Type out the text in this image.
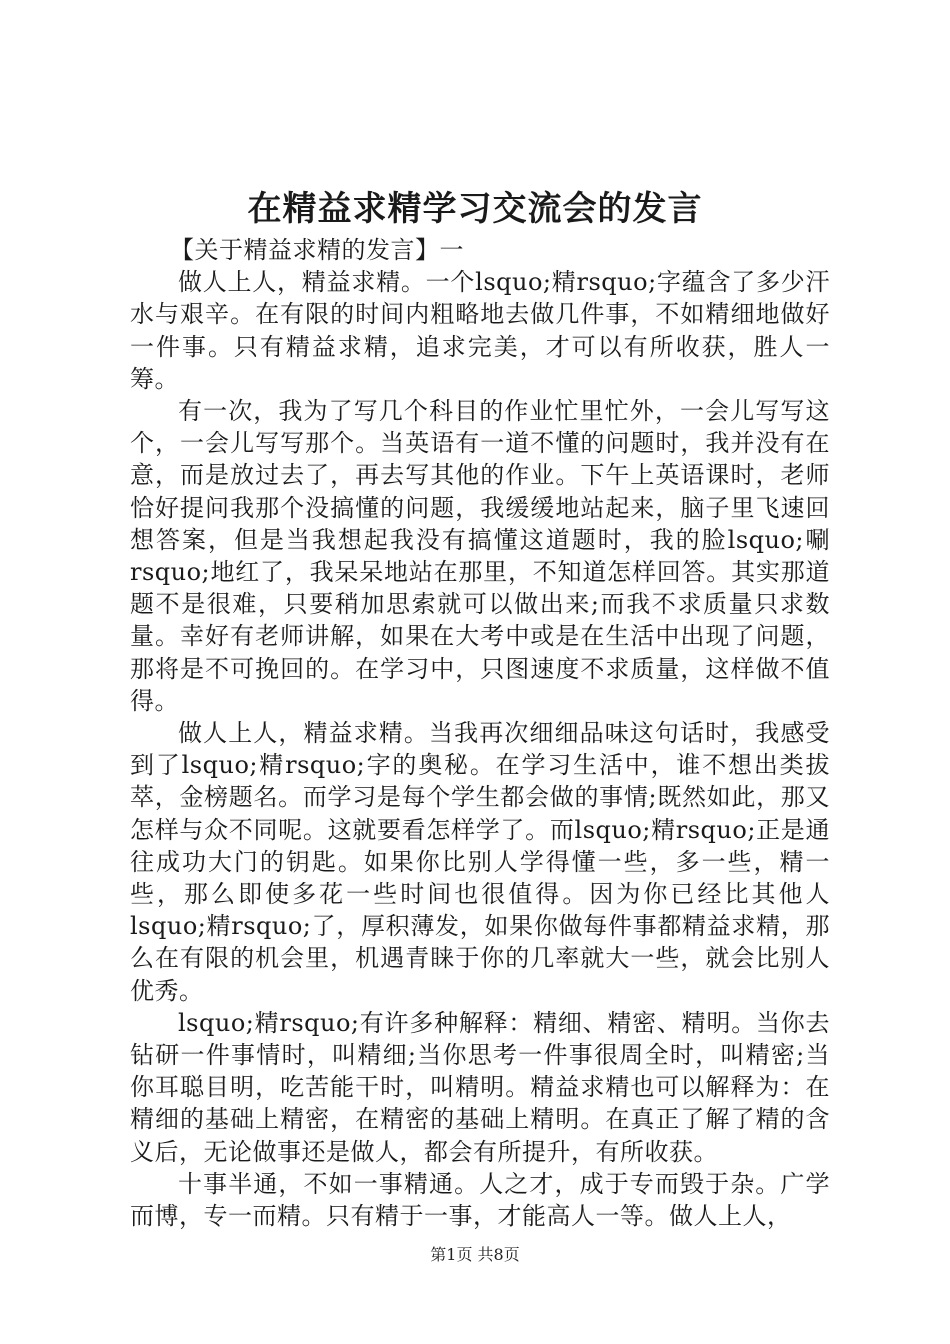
在精益求精学习交流会的发言

【关于精益求精的发言】一

做人上人，精益求精。一个lsquo;精rsquo;字蕴含了多少汗水与艰辛。在有限的时间内粗略地去做几件事，不如精细地做好一件事。只有精益求精，追求完美，才可以有所收获，胜人一筹。

有一次，我为了写几个科目的作业忙里忙外，一会儿写写这个，一会儿写写那个。当英语有一道不懂的问题时，我并没有在意，而是放过去了，再去写其他的作业。下午上英语课时，老师恰好提问我那个没搞懂的问题，我缓缓地站起来，脑子里飞速回想答案，但是当我想起我没有搞懂这道题时，我的脸lsquo;唰rsquo;地红了，我呆呆地站在那里，不知道怎样回答。其实那道题不是很难，只要稍加思索就可以做出来;而我不求质量只求数量。幸好有老师讲解，如果在大考中或是在生活中出现了问题，那将是不可挽回的。在学习中，只图速度不求质量，这样做不值得。

做人上人，精益求精。当我再次细细品味这句话时，我感受到了lsquo;精rsquo;字的奥秘。在学习生活中，谁不想出类拔萃，金榜题名。而学习是每个学生都会做的事情;既然如此，那又怎样与众不同呢。这就要看怎样学了。而lsquo;精rsquo;正是通往成功大门的钥匙。如果你比别人学得懂一些，多一些，精一些，那么即使多花一些时间也很值得。因为你已经比其他人lsquo;精rsquo;了，厚积薄发，如果你做每件事都精益求精，那么在有限的机会里，机遇青睐于你的几率就大一些，就会比别人优秀。

lsquo;精rsquo;有许多种解释：精细、精密、精明。当你去钻研一件事情时，叫精细;当你思考一件事很周全时，叫精密;当你耳聪目明，吃苦能干时，叫精明。精益求精也可以解释为：在精细的基础上精密，在精密的基础上精明。在真正了解了精的含义后，无论做事还是做人，都会有所提升，有所收获。

十事半通，不如一事精通。人之才，成于专而毁于杂。广学而博，专一而精。只有精于一事，才能高人一等。做人上人，

第1页 共8页
